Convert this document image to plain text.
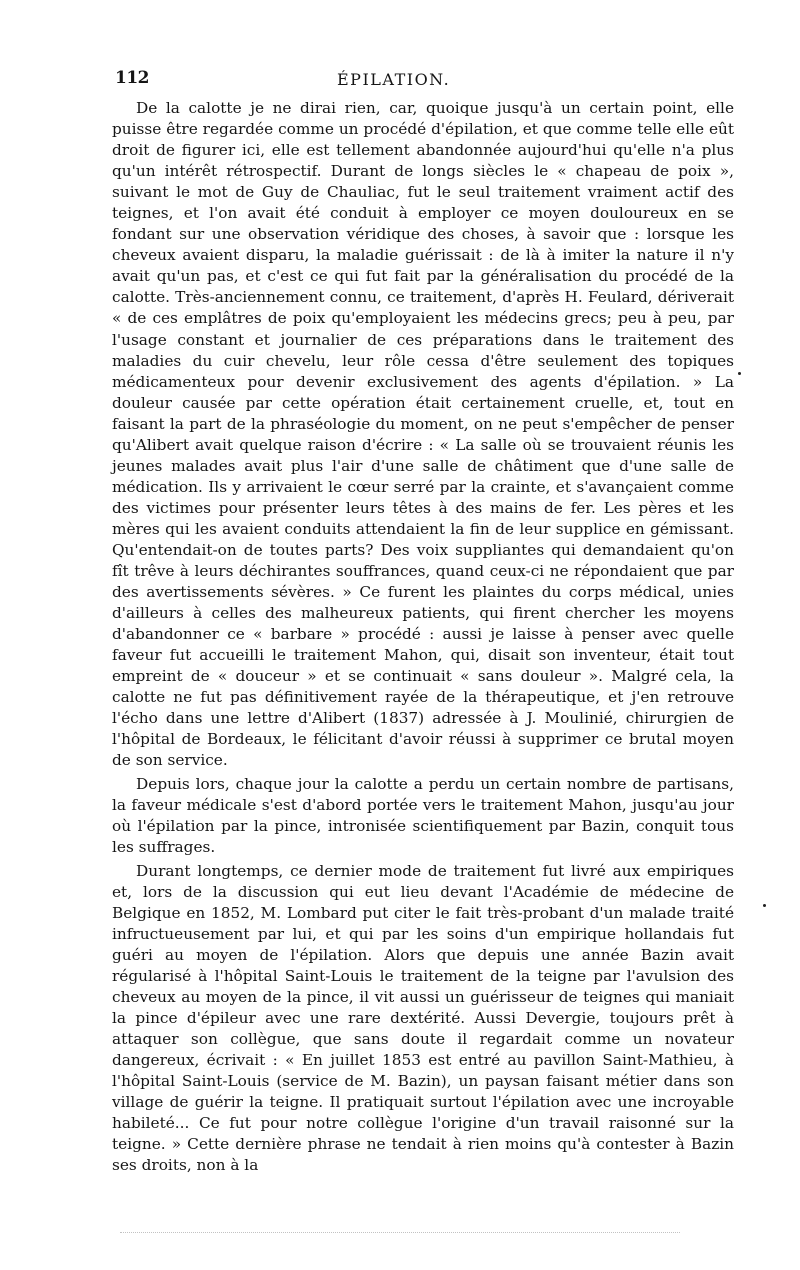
112	ÉPILATION.

De la calotte je ne dirai rien, car, quoique jusqu'à un certain point, elle puisse être regardée comme un procédé d'épilation, et que comme telle elle eût droit de figurer ici, elle est tellement abandonnée aujourd'hui qu'elle n'a plus qu'un intérêt rétrospectif. Durant de longs siècles le « chapeau de poix », suivant le mot de Guy de Chauliac, fut le seul traitement vraiment actif des teignes, et l'on avait été conduit à employer ce moyen douloureux en se fondant sur une observation véridique des choses, à savoir que : lorsque les cheveux avaient disparu, la maladie guérissait : de là à imiter la nature il n'y avait qu'un pas, et c'est ce qui fut fait par la généralisation du procédé de la calotte. Très-anciennement connu, ce traitement, d'après H. Feulard, dériverait « de ces emplâtres de poix qu'employaient les médecins grecs; peu à peu, par l'usage constant et journalier de ces préparations dans le traitement des maladies du cuir chevelu, leur rôle cessa d'être seulement des topiques médicamenteux pour devenir exclusivement des agents d'épilation. » La douleur causée par cette opération était certainement cruelle, et, tout en faisant la part de la phraséologie du moment, on ne peut s'empêcher de penser qu'Alibert avait quelque raison d'écrire : « La salle où se trouvaient réunis les jeunes malades avait plus l'air d'une salle de châtiment que d'une salle de médication. Ils y arrivaient le cœur serré par la crainte, et s'avançaient comme des victimes pour présenter leurs têtes à des mains de fer. Les pères et les mères qui les avaient conduits attendaient la fin de leur supplice en gémissant. Qu'entendait-on de toutes parts? Des voix suppliantes qui demandaient qu'on fît trêve à leurs déchirantes souffrances, quand ceux-ci ne répondaient que par des avertissements sévères. » Ce furent les plaintes du corps médical, unies d'ailleurs à celles des malheureux patients, qui firent chercher les moyens d'abandonner ce « barbare » procédé : aussi je laisse à penser avec quelle faveur fut accueilli le traitement Mahon, qui, disait son inventeur, était tout empreint de « douceur » et se continuait « sans douleur ». Malgré cela, la calotte ne fut pas définitivement rayée de la thérapeutique, et j'en retrouve l'écho dans une lettre d'Alibert (1837) adressée à J. Moulinié, chirurgien de l'hôpital de Bordeaux, le félicitant d'avoir réussi à supprimer ce brutal moyen de son service.

Depuis lors, chaque jour la calotte a perdu un certain nombre de partisans, la faveur médicale s'est d'abord portée vers le traitement Mahon, jusqu'au jour où l'épilation par la pince, intronisée scientifiquement par Bazin, conquit tous les suffrages.

Durant longtemps, ce dernier mode de traitement fut livré aux empiriques et, lors de la discussion qui eut lieu devant l'Académie de médecine de Belgique en 1852, M. Lombard put citer le fait très-probant d'un malade traité infructueusement par lui, et qui par les soins d'un empirique hollandais fut guéri au moyen de l'épilation. Alors que depuis une année Bazin avait régularisé à l'hôpital Saint-Louis le traitement de la teigne par l'avulsion des cheveux au moyen de la pince, il vit aussi un guérisseur de teignes qui maniait la pince d'épileur avec une rare dextérité. Aussi Devergie, toujours prêt à attaquer son collègue, que sans doute il regardait comme un novateur dangereux, écrivait : « En juillet 1853 est entré au pavillon Saint-Mathieu, à l'hôpital Saint-Louis (service de M. Bazin), un paysan faisant métier dans son village de guérir la teigne. Il pratiquait surtout l'épilation avec une incroyable habileté... Ce fut pour notre collègue l'origine d'un travail raisonné sur la teigne. » Cette dernière phrase ne tendait à rien moins qu'à contester à Bazin ses droits, non à la
